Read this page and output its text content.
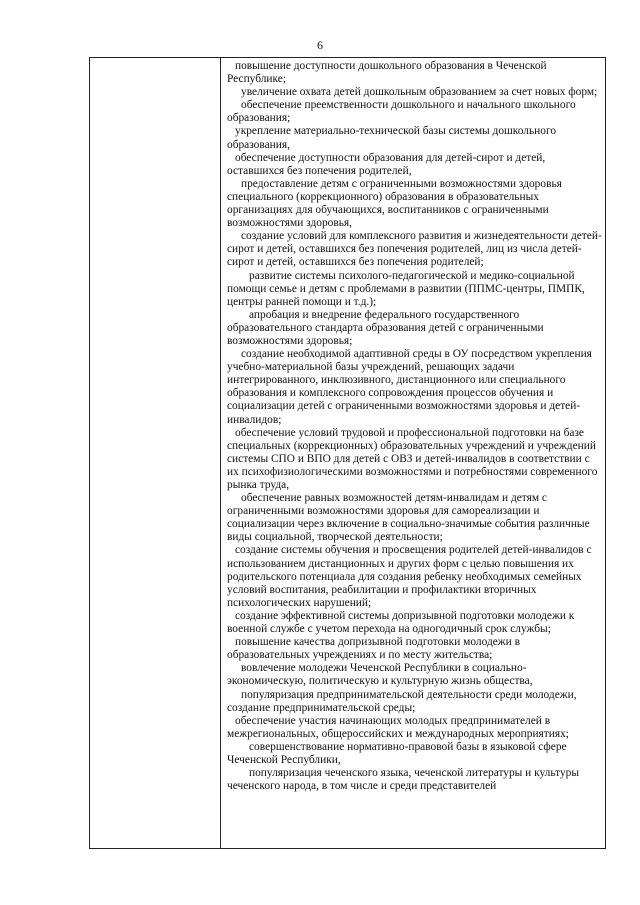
6

повышение доступности дошкольного образования в Чеченской Республике;

увеличение охвата детей дошкольным образованием за счет новых форм;

обеспечение преемственности дошкольного и начального школьного образования;

укрепление материально-технической базы системы дошкольного образования,

обеспечение доступности образования для детей-сирот и детей, оставшихся без попечения родителей,

предоставление детям с ограниченными возможностями здоровья специального (коррекционного) образования в образовательных организациях для обучающихся, воспитанников с ограниченными возможностями здоровья,

создание условий для комплексного развития и жизнедеятельности детей-сирот и детей, оставшихся без попечения родителей, лиц из числа детей-сирот и детей, оставшихся без попечения родителей;

развитие системы психолого-педагогической и медико-социальной помощи семье и детям с проблемами в развитии (ППМС-центры, ПМПК, центры ранней помощи и т.д.);

апробация и внедрение федерального государственного образовательного стандарта образования детей с ограниченными возможностями здоровья;

создание необходимой адаптивной среды в ОУ посредством укрепления учебно-материальной базы учреждений, решающих задачи интегрированного, инклюзивного, дистанционного или специального образования и комплексного сопровождения процессов обучения и социализации детей с ограниченными возможностями здоровья и детей-инвалидов;

обеспечение условий трудовой и профессиональной подготовки на базе специальных (коррекционных) образовательных учреждений и учреждений системы СПО и ВПО для детей с ОВЗ и детей-инвалидов в соответствии с их психофизиологическими возможностями и потребностями современного рынка труда,

обеспечение равных возможностей детям-инвалидам и детям с ограниченными возможностями здоровья для самореализации и социализации через включение в социально-значимые события различные виды социальной, творческой деятельности;

создание системы обучения и просвещения родителей детей-инвалидов с использованием дистанционных и других форм с целью повышения их родительского потенциала для создания ребенку необходимых семейных условий воспитания, реабилитации и профилактики вторичных психологических нарушений;

создание эффективной системы допризывной подготовки молодежи к военной службе с учетом перехода на одногодичный срок службы;

повышение качества допризывной подготовки молодежи в образовательных учреждениях и по месту жительства;

вовлечение молодежи Чеченской Республики в социально-экономическую, политическую и культурную жизнь общества,

популяризация предпринимательской деятельности среди молодежи, создание предпринимательской среды;

обеспечение участия начинающих молодых предпринимателей в межрегиональных, общероссийских и международных мероприятиях;

совершенствование нормативно-правовой базы в языковой сфере Чеченской Республики,

популяризация чеченского языка, чеченской литературы и культуры чеченского народа, в том числе и среди представителей
